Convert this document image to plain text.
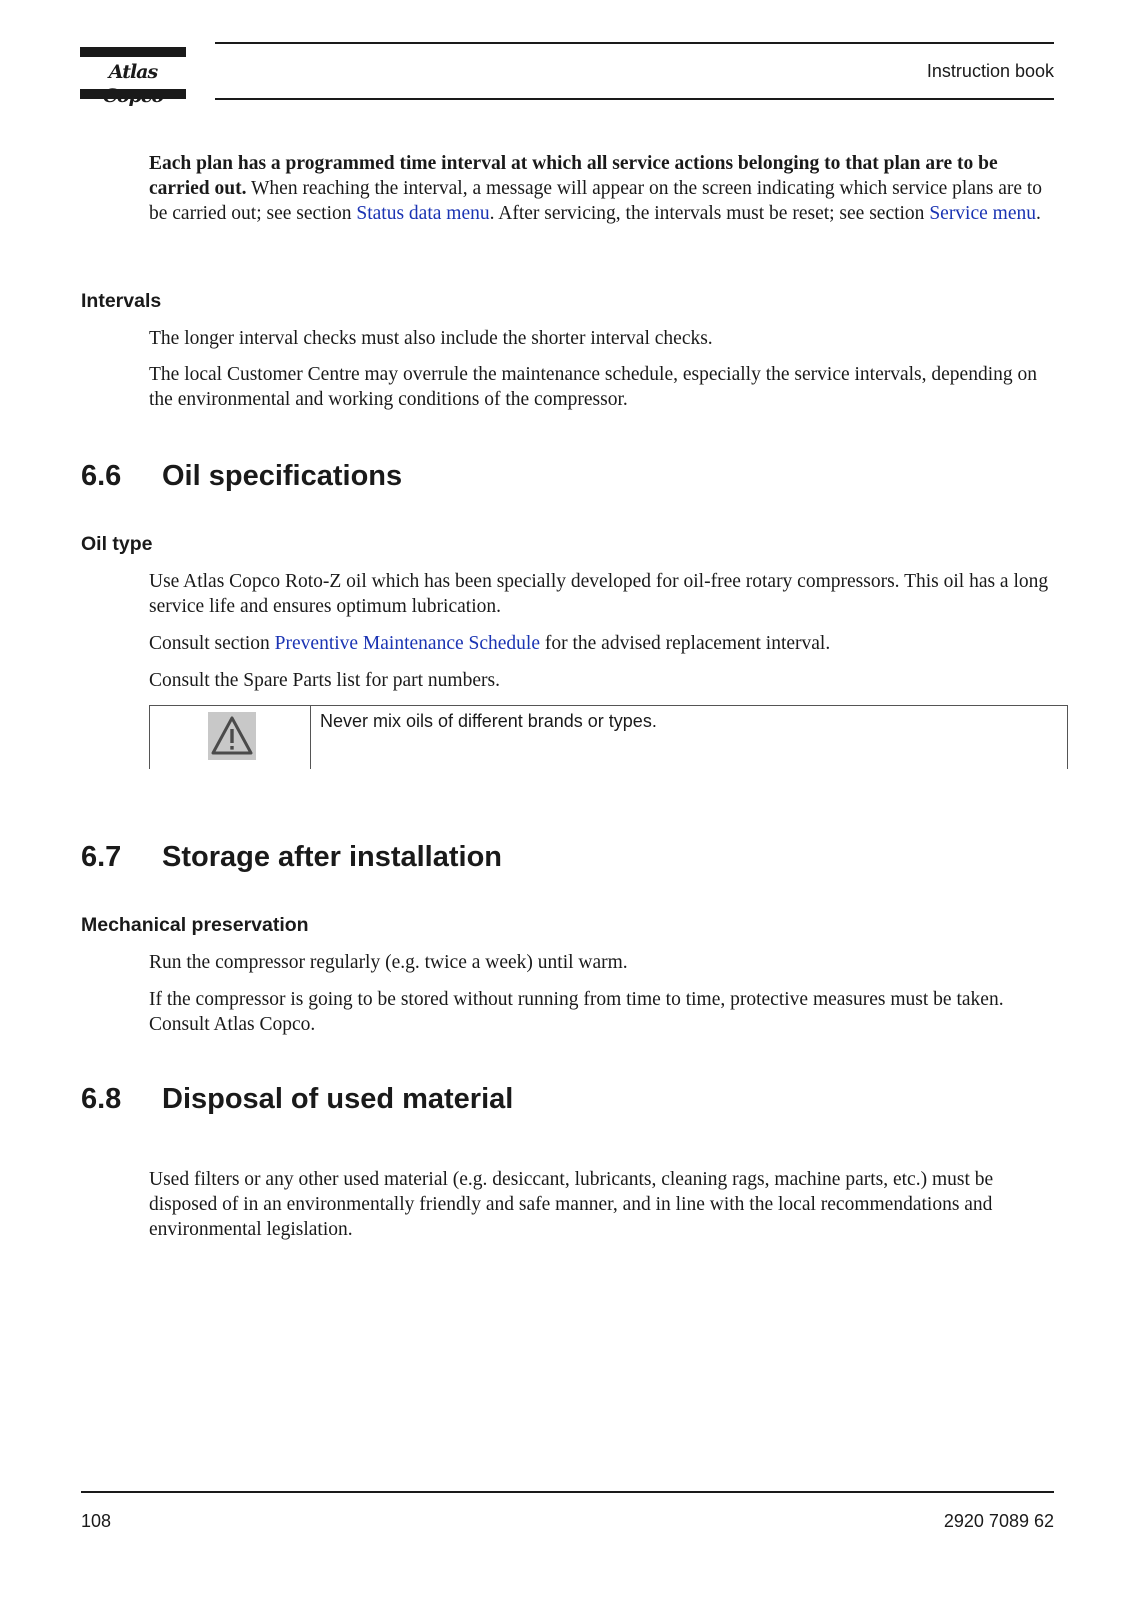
Atlas	Instruction book

Each plan has a programmed time interval at which all service actions belonging to that plan are to be carried out. When reaching the interval, a message will appear on the screen indicating which service plans are to be carried out; see section Status data menu. After servicing, the intervals must be reset; see section Service menu.

Intervals

The longer interval checks must also include the shorter interval checks.

The local Customer Centre may overrule the maintenance schedule, especially the service intervals, depending on the environmental and working conditions of the compressor.

6.6 Oil specifications
Oil type

Use Atlas Copco Roto-Z oil which has been specially developed for oil-free rotary compressors. This oil has a long service life and ensures optimum lubrication.

Consult section Preventive Maintenance Schedule for the advised replacement interval.

Consult the Spare Parts list for part numbers.

Never mix oils of different brands or types.
6.7 Storage after installation
Mechanical preservation

Run the compressor regularly (e.g. twice a week) until warm.

If the compressor is going to be stored without running from time to time, protective measures must be taken. Consult Atlas Copco.

6.8 Disposal of used material

Used filters or any other used material (e.g. desiccant, lubricants, cleaning rags, machine parts, etc.) must be disposed of in an environmentally friendly and safe manner, and in line with the local recommendations and environmental legislation.

108	2920 7089 62
